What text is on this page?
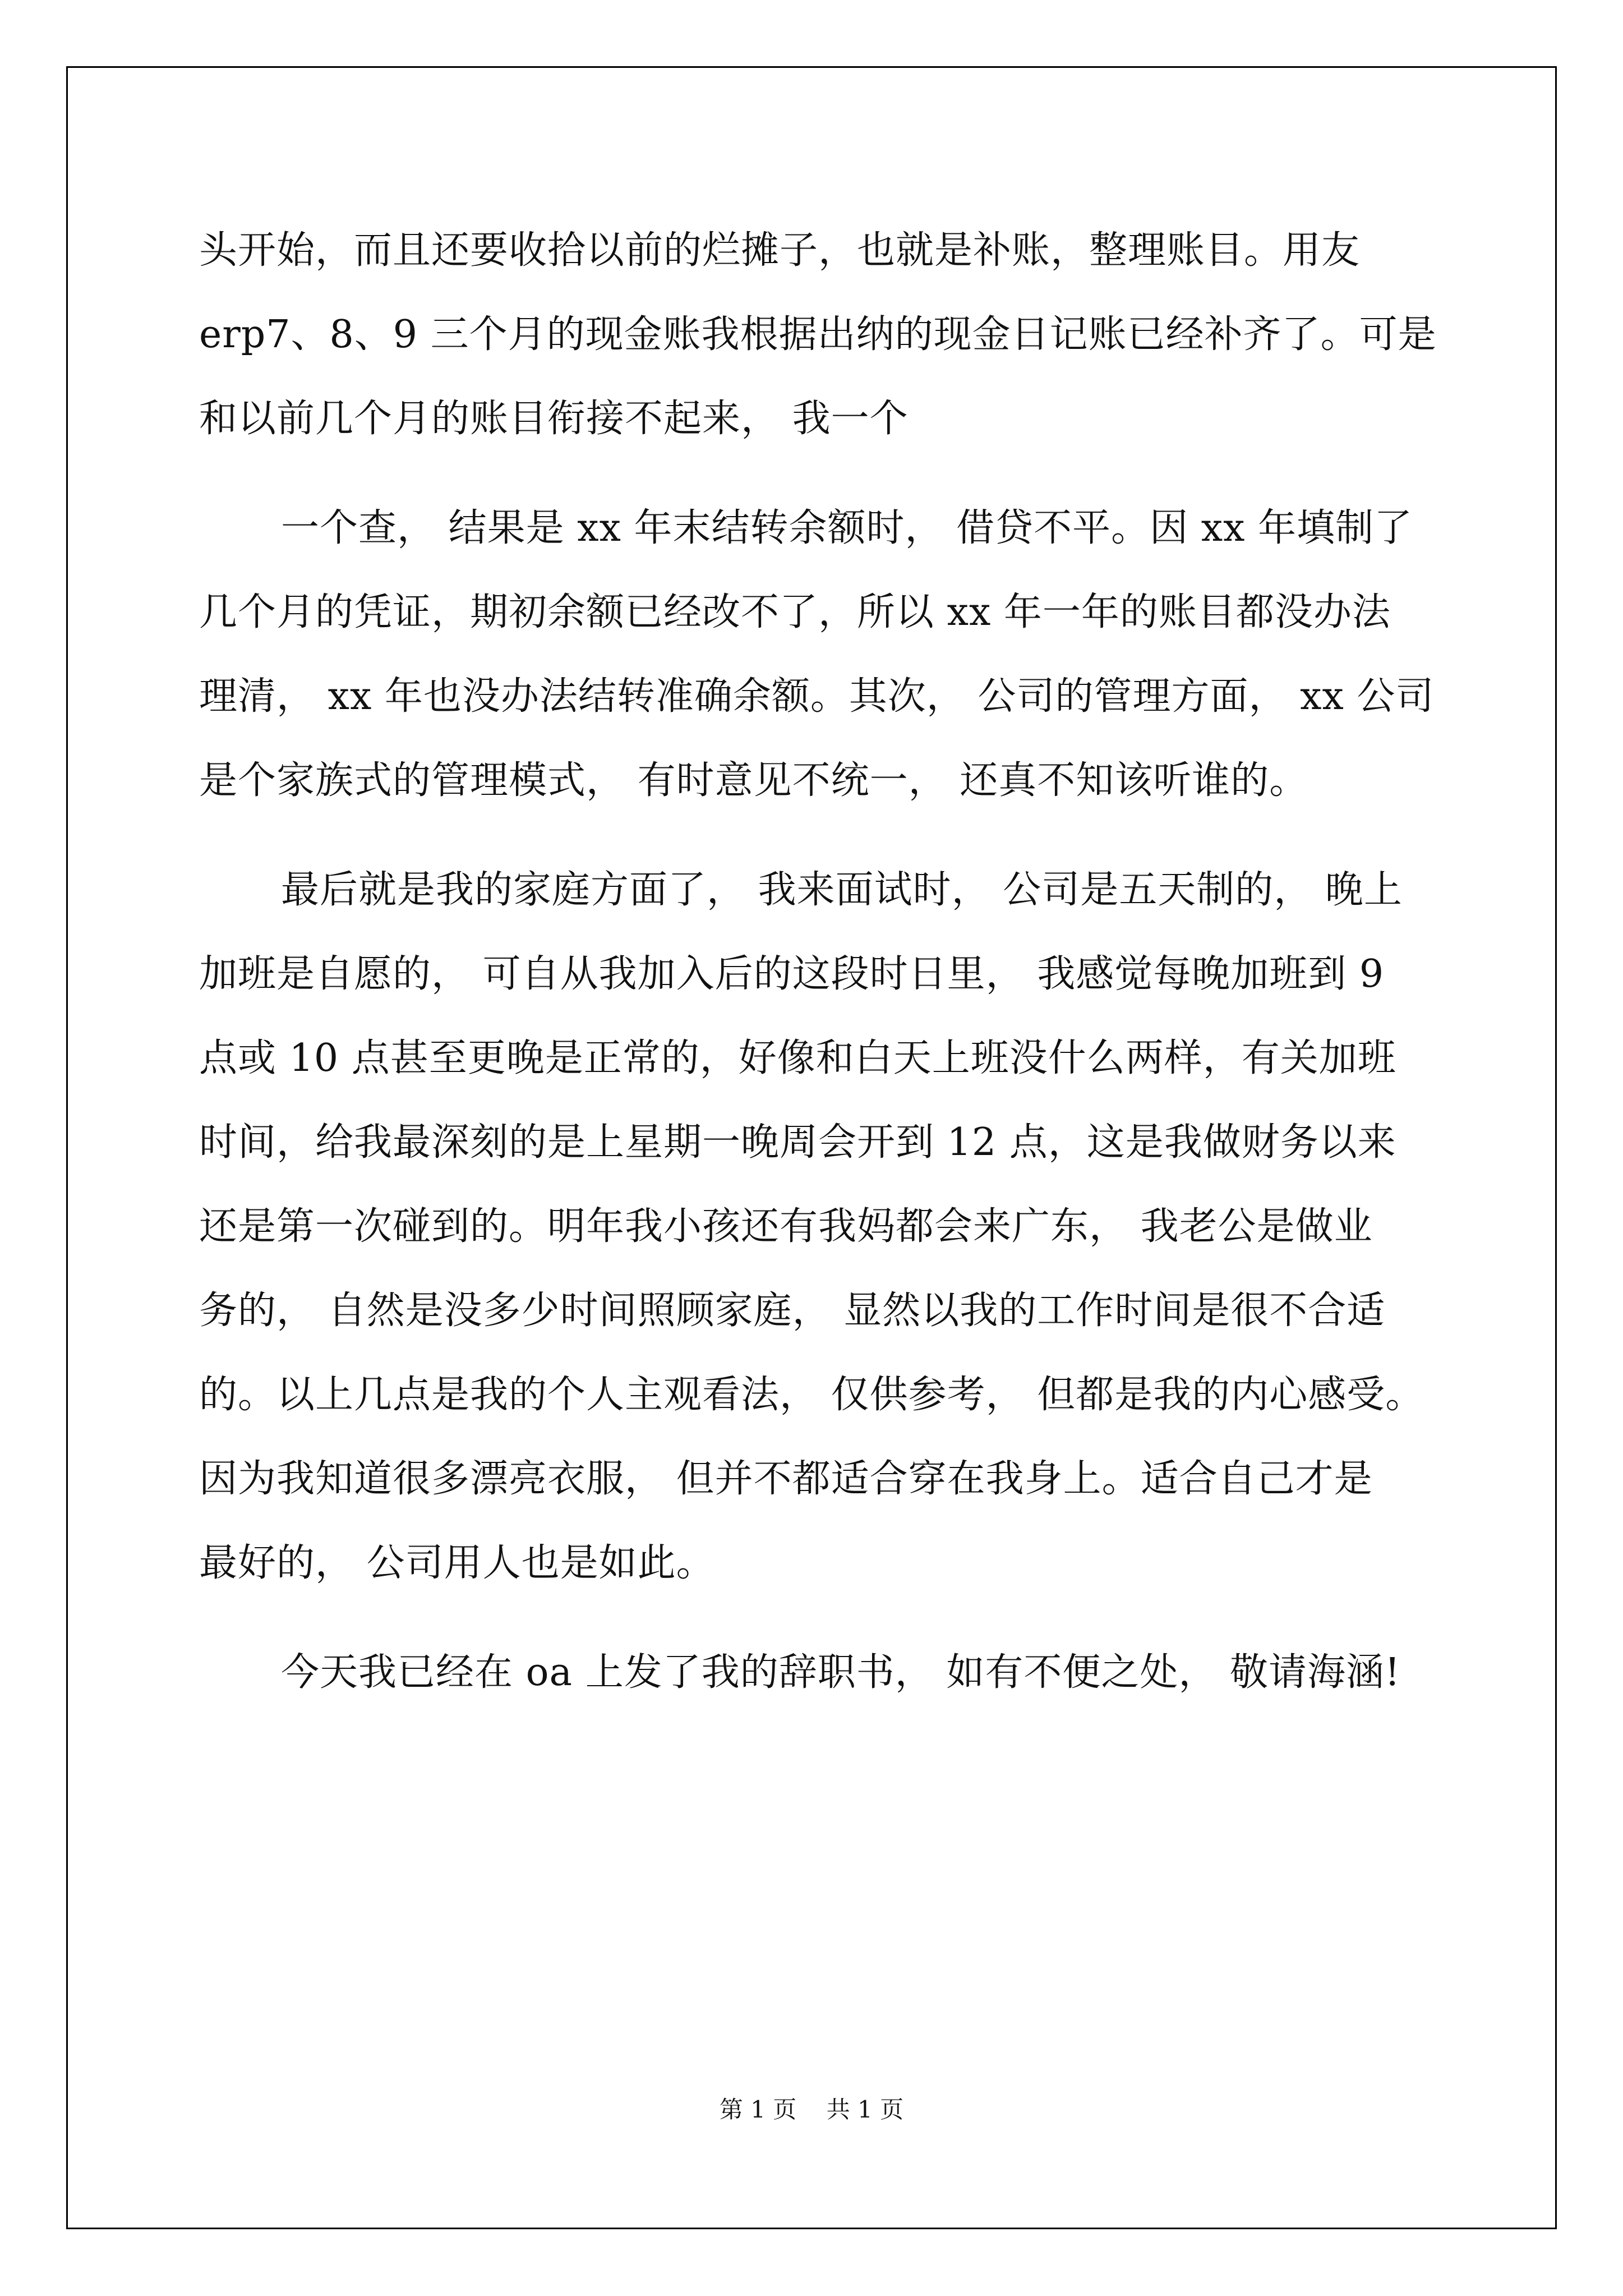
头开始，而且还要收拾以前的烂摊子，也就是补账，整理账目。用友
erp7、8、9 三个月的现金账我根据出纳的现金日记账已经补齐了。可是
和以前几个月的账目衔接不起来， 我一个
一个查， 结果是 xx 年末结转余额时， 借贷不平。因 xx 年填制了
几个月的凭证，期初余额已经改不了，所以 xx 年一年的账目都没办法
理清， xx 年也没办法结转准确余额。其次， 公司的管理方面， xx 公司
是个家族式的管理模式， 有时意见不统一， 还真不知该听谁的。
最后就是我的家庭方面了， 我来面试时， 公司是五天制的， 晚上
加班是自愿的， 可自从我加入后的这段时日里， 我感觉每晚加班到 9
点或 10 点甚至更晚是正常的，好像和白天上班没什么两样，有关加班
时间，给我最深刻的是上星期一晚周会开到 12 点，这是我做财务以来
还是第一次碰到的。明年我小孩还有我妈都会来广东， 我老公是做业
务的， 自然是没多少时间照顾家庭， 显然以我的工作时间是很不合适
的。以上几点是我的个人主观看法， 仅供参考， 但都是我的内心感受。
因为我知道很多漂亮衣服， 但并不都适合穿在我身上。适合自己才是
最好的， 公司用人也是如此。
今天我已经在 oa 上发了我的辞职书， 如有不便之处， 敬请海涵!
第 1 页    共 1 页
